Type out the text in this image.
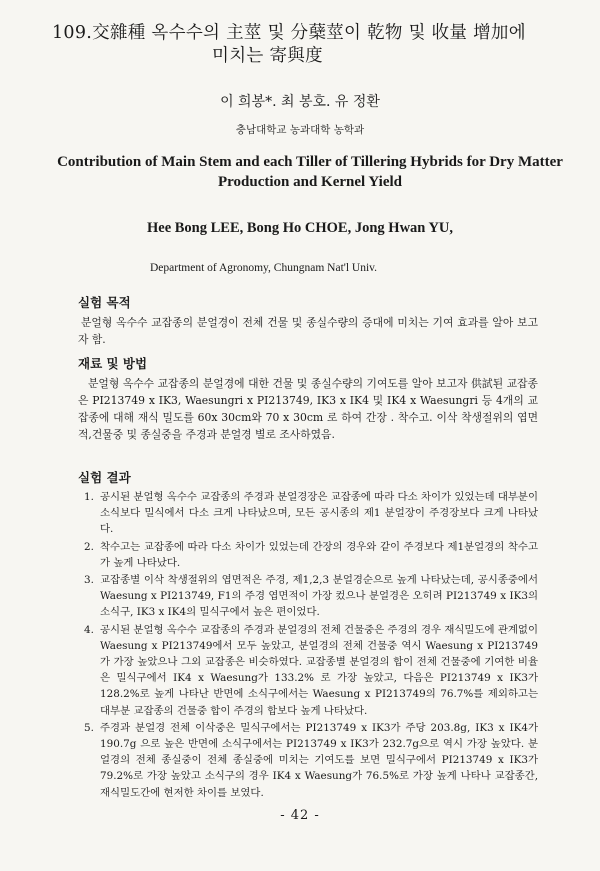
109.交雜種 옥수수의 主莖 및 分蘖莖이 乾物 및 收量 增加에
미치는 寄與度
이 희봉*. 최 봉호. 유 정환
충남대학교 농과대학 농학과
Contribution of Main Stem and each Tiller of Tillering Hybrids for Dry Matter Production and Kernel Yield
Hee Bong LEE, Bong Ho CHOE, Jong Hwan YU,
Department of Agronomy, Chungnam Nat'l Univ.
실험 목적

분얼형 옥수수 교잡종의 분얼경이 전체 건물 및 종실수량의 증대에 미치는 기여 효과를 알아 보고자 함.

재료 및 방법

분얼형 옥수수 교잡종의 분얼경에 대한 건물 및 종실수량의 기여도를 알아 보고자 供試된 교잡종은 PI213749 x IK3, Waesungri x PI213749, IK3 x IK4 및 IK4 x Waesungri 등 4개의 교잡종에 대해 재식 밀도를 60x 30cm와 70 x 30cm 로 하여 간장 . 착수고. 이삭 착생절위의 엽면적,건물중 및 종실중을 주경과 분얼경 별로 조사하였음.

실험 결과
1. 공시된 분얼형 옥수수 교잡종의 주경과 분얼경장은 교잡종에 따라 다소 차이가 있었는데 대부분이 소식보다 밀식에서 다소 크게 나타났으며, 모든 공시종의 제1 분얼장이 주경장보다 크게 나타났다.
2. 착수고는 교잡종에 따라 다소 차이가 있었는데 간장의 경우와 같이 주경보다 제1분얼경의 착수고가 높게 나타났다.
3. 교잡종별 이삭 착생절위의 엽면적은 주경, 제1,2,3 분얼경순으로 높게 나타났는데, 공시종중에서 Waesung x PI213749, F1의 주경 엽면적이 가장 컸으나 분얼경은 오히려 PI213749 x IK3의 소식구, IK3 x IK4의 밀식구에서 높은 편이었다.
4. 공시된 분얼형 옥수수 교잡종의 주경과 분얼경의 전체 건물중은 주경의 경우 재식밀도에 관계없이 Waesung x PI213749에서 모두 높았고, 분얼경의 전체 건물중 역시 Waesung x PI213749가 가장 높았으나 그외 교잡종은 비슷하였다. 교잡종별 분얼경의 합이 전체 건물중에 기여한 비율은 밀식구에서 IK4 x Waesung가 133.2% 로 가장 높았고, 다음은 PI213749 x IK3가 128.2%로 높게 나타난 반면에 소식구에서는 Waesung x PI213749의 76.7%를 제외하고는 대부분 교잡종의 건물중 합이 주경의 합보다 높게 나타났다.
5. 주경과 분얼경 전체 이삭중은 밀식구에서는 PI213749 x IK3가 주당 203.8g, IK3 x IK4가 190.7g 으로 높은 반면에 소식구에서는 PI213749 x IK3가 232.7g으로 역시 가장 높았다. 분얼경의 전체 종실중이 전체 종실중에 미치는 기여도를 보면 밀식구에서 PI213749 x IK3가 79.2%로 가장 높았고 소식구의 경우 IK4 x Waesung가 76.5%로 가장 높게 나타나 교잡종간, 재식밀도간에 현저한 차이를 보였다.
- 42 -
